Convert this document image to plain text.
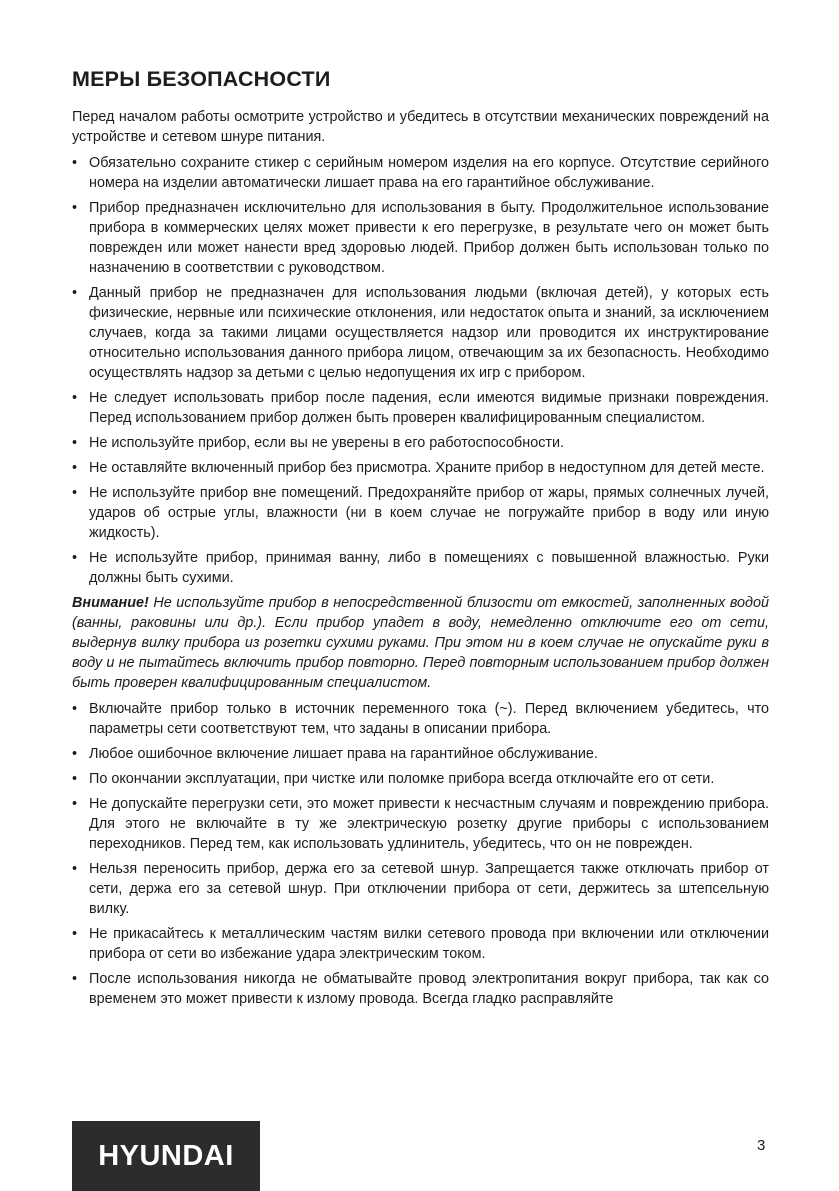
МЕРЫ БЕЗОПАСНОСТИ

Перед началом работы осмотрите устройство и убедитесь в отсутствии механических повреждений на устройстве и сетевом шнуре питания.

• Обязательно сохраните стикер с серийным номером изделия на его корпусе. Отсутствие серийного номера на изделии автоматически лишает права на его гарантийное обслуживание.
• Прибор предназначен исключительно для использования в быту. Продолжительное использование прибора в коммерческих целях может привести к его перегрузке, в результате чего он может быть поврежден или может нанести вред здоровью людей. Прибор должен быть использован только по назначению в соответствии с руководством.
• Данный прибор не предназначен для использования людьми (включая детей), у которых есть физические, нервные или психические отклонения, или недостаток опыта и знаний, за исключением случаев, когда за такими лицами осуществляется надзор или проводится их инструктирование относительно использования данного прибора лицом, отвечающим за их безопасность. Необходимо осуществлять надзор за детьми с целью недопущения их игр с прибором.
• Не следует использовать прибор после падения, если имеются видимые признаки повреждения. Перед использованием прибор должен быть проверен квалифицированным специалистом.
• Не используйте прибор, если вы не уверены в его работоспособности.
• Не оставляйте включенный прибор без присмотра. Храните прибор в недоступном для детей месте.
• Не используйте прибор вне помещений. Предохраняйте прибор от жары, прямых солнечных лучей, ударов об острые углы, влажности (ни в коем случае не погружайте прибор в воду или иную жидкость).
• Не используйте прибор, принимая ванну, либо в помещениях с повышенной влажностью. Руки должны быть сухими.

Внимание! Не используйте прибор в непосредственной близости от емкостей, заполненных водой (ванны, раковины или др.). Если прибор упадет в воду, немедленно отключите его от сети, выдернув вилку прибора из розетки сухими руками. При этом ни в коем случае не опускайте руки в воду и не пытайтесь включить прибор повторно. Перед повторным использованием прибор должен быть проверен квалифицированным специалистом.

• Включайте прибор только в источник переменного тока (~). Перед включением убедитесь, что параметры сети соответствуют тем, что заданы в описании прибора.
• Любое ошибочное включение лишает права на гарантийное обслуживание.
• По окончании эксплуатации, при чистке или поломке прибора всегда отключайте его от сети.
• Не допускайте перегрузки сети, это может привести к несчастным случаям и повреждению прибора. Для этого не включайте в ту же электрическую розетку другие приборы с использованием переходников. Перед тем, как использовать удлинитель, убедитесь, что он не поврежден.
• Нельзя переносить прибор, держа его за сетевой шнур. Запрещается также отключать прибор от сети, держа его за сетевой шнур. При отключении прибора от сети, держитесь за штепсельную вилку.
• Не прикасайтесь к металлическим частям вилки сетевого провода при включении или отключении прибора от сети во избежание удара электрическим током.
• После использования никогда не обматывайте провод электропитания вокруг прибора, так как со временем это может привести к излому провода. Всегда гладко расправляйте
HYUNDAI	3
